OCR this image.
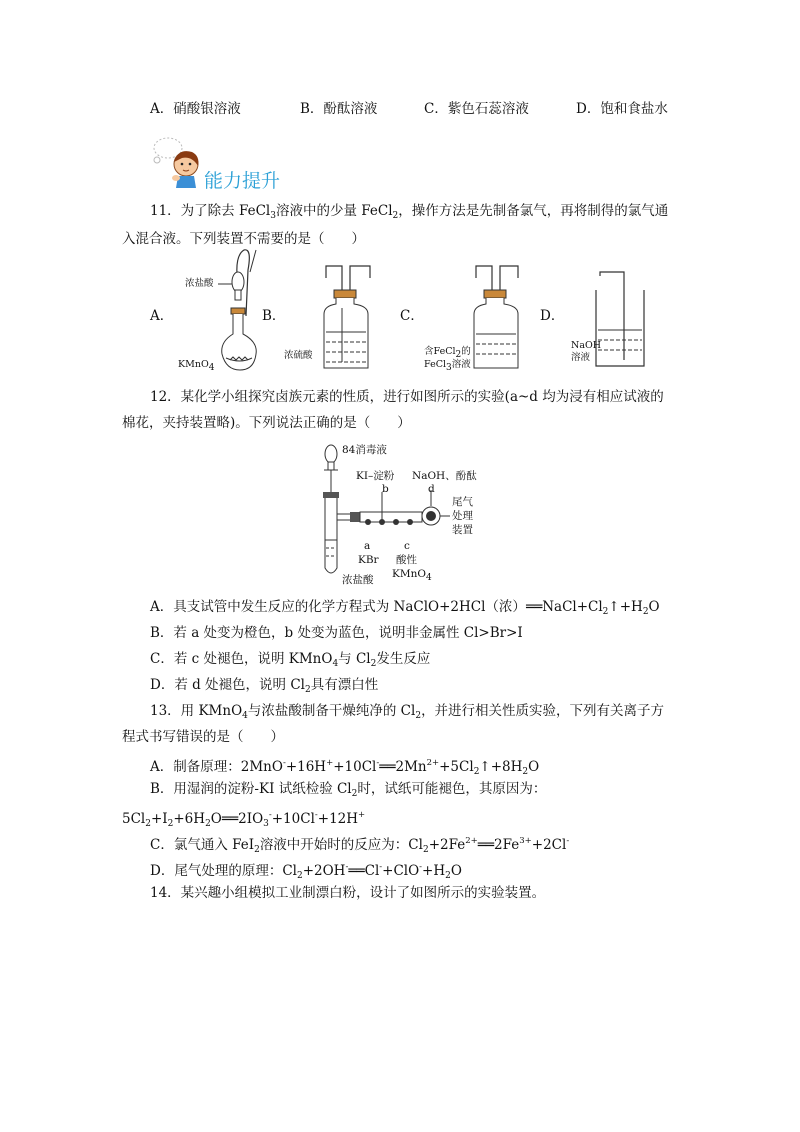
A．硝酸银溶液	B．酚酞溶液	C．紫色石蕊溶液	D．饱和食盐水
能力提升
11．为了除去 FeCl$_3$溶液中的少量 FeCl$_2$，操作方法是先制备氯气，再将制得的氯气通
入混合液。下列装置不需要的是（　　）
A．	B．	C．	D．
浓盐酸
KMnO4
浓硫酸	含FeCl2的
FeCl3溶液
NaOH
溶液
12．某化学小组探究卤族元素的性质，进行如图所示的实验(a~d 均为浸有相应试液的
棉花，夹持装置略)。下列说法正确的是（　　）
84消毒液
KI–淀粉
b
NaOH、酚酞
d
尾气
处理
装置
a
KBr
c
酸性
KMnO4
浓盐酸
A．具支试管中发生反应的化学方程式为 NaClO+2HCl（浓）$══NaCl+Cl_2↑+H_2O$
B．若 a 处变为橙色，b 处变为蓝色，说明非金属性 Cl>Br>I
C．若 c 处褪色，说明 KMnO$_4$与 $Cl_2$发生反应
D．若 d 处褪色，说明 $Cl_2$具有漂白性
13．用 KMnO$_4$与浓盐酸制备干燥纯净的 $Cl_2$，并进行相关性质实验，下列有关离子方
程式书写错误的是（　　）
A．制备原理：$2MnO^-+16H^++10Cl^-══2Mn^{2+}+5Cl_2↑+8H_2O$
B．用湿润的淀粉-KI 试纸检验 $Cl_2$时，试纸可能褪色，其原因为：
$5Cl_2+I_2+6H_2O══2IO_3^-+10Cl^-+12H^+$
C．氯气通入 FeI$_2$溶液中开始时的反应为：$Cl_2+2Fe^{2+}══2Fe^{3+}+2Cl^-$
D．尾气处理的原理：$Cl_2+2OH^-══Cl^-+ClO^-+H_2O$
14．某兴趣小组模拟工业制漂白粉，设计了如图所示的实验装置。
